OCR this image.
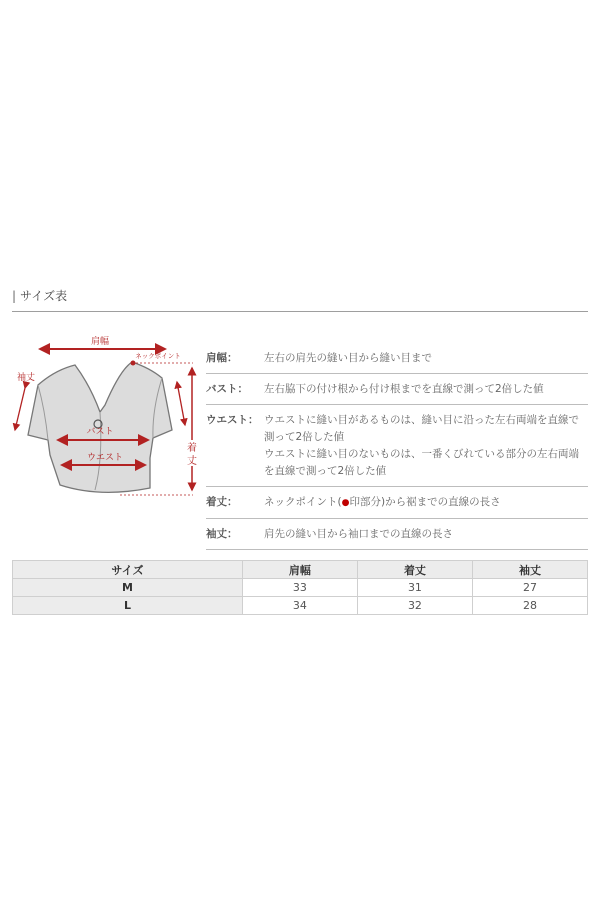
| サイズ表
肩幅
ネックポイント
袖丈
バスト
ウエスト
着
丈
肩幅：	左右の肩先の縫い目から縫い目まで
バスト：	左右脇下の付け根から付け根までを直線で測って2倍した値
ウエスト： ウエストに縫い目があるものは、縫い目に沿った左右両端を直線で
測って2倍した値
ウエストに縫い目のないものは、一番くびれている部分の左右両端
を直線で測って2倍した値
着丈：	ネックポイント(●印部分)から裾までの直線の長さ
袖丈：	肩先の縫い目から袖口までの直線の長さ
サイズ	肩幅	着丈	袖丈
M	33	31	27
L	34	32	28
